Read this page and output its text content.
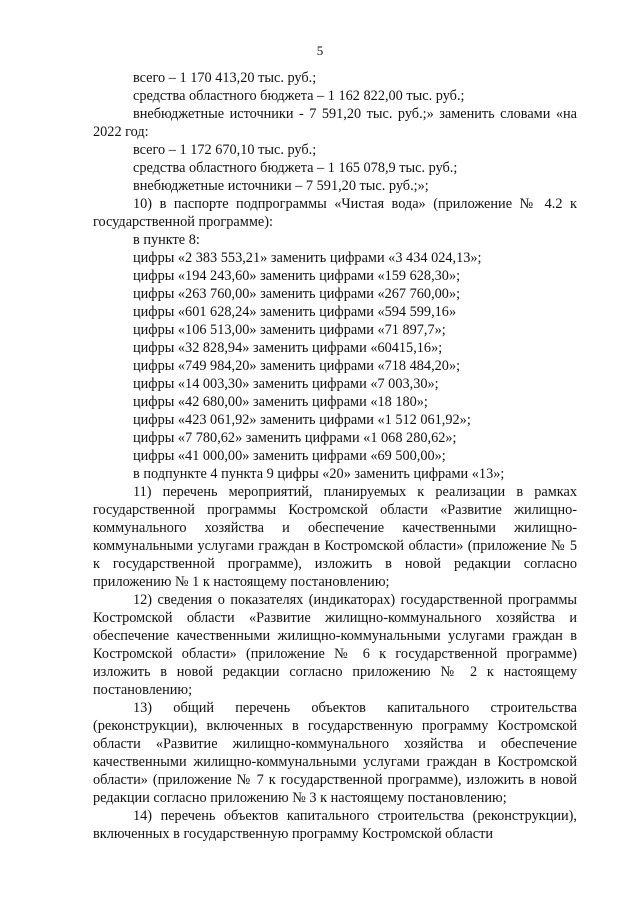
5

всего – 1 170 413,20 тыс. руб.;

средства областного бюджета – 1 162 822,00 тыс. руб.;

внебюджетные источники - 7 591,20 тыс. руб.;» заменить словами «на 2022 год:

всего – 1 172 670,10 тыс. руб.;

средства областного бюджета – 1 165 078,9 тыс. руб.;

внебюджетные источники – 7 591,20 тыс. руб.;»;

10) в паспорте подпрограммы «Чистая вода» (приложение № 4.2 к государственной программе):

в пункте 8:

цифры «2 383 553,21» заменить цифрами «3 434 024,13»;

цифры «194 243,60» заменить цифрами «159 628,30»;

цифры «263 760,00» заменить цифрами «267 760,00»;

цифры «601 628,24» заменить цифрами «594 599,16»

цифры «106 513,00» заменить цифрами «71 897,7»;

цифры «32 828,94» заменить цифрами «60415,16»;

цифры «749 984,20» заменить цифрами «718 484,20»;

цифры «14 003,30» заменить цифрами «7 003,30»;

цифры «42 680,00» заменить цифрами «18 180»;

цифры «423 061,92» заменить цифрами «1 512 061,92»;

цифры «7 780,62» заменить цифрами «1 068 280,62»;

цифры «41 000,00» заменить цифрами «69 500,00»;

в подпункте 4 пункта 9 цифры «20» заменить цифрами «13»;

11) перечень мероприятий, планируемых к реализации в рамках государственной программы Костромской области «Развитие жилищно-коммунального хозяйства и обеспечение качественными жилищно-коммунальными услугами граждан в Костромской области» (приложение № 5 к государственной программе), изложить в новой редакции согласно приложению № 1 к настоящему постановлению;

12) сведения о показателях (индикаторах) государственной программы Костромской области «Развитие жилищно-коммунального хозяйства и обеспечение качественными жилищно-коммунальными услугами граждан в Костромской области» (приложение № 6 к государственной программе) изложить в новой редакции согласно приложению № 2 к настоящему постановлению;

13) общий перечень объектов капитального строительства (реконструкции), включенных в государственную программу Костромской области «Развитие жилищно-коммунального хозяйства и обеспечение качественными жилищно-коммунальными услугами граждан в Костромской области» (приложение № 7 к государственной программе), изложить в новой редакции согласно приложению № 3 к настоящему постановлению;

14) перечень объектов капитального строительства (реконструкции), включенных в государственную программу Костромской области
